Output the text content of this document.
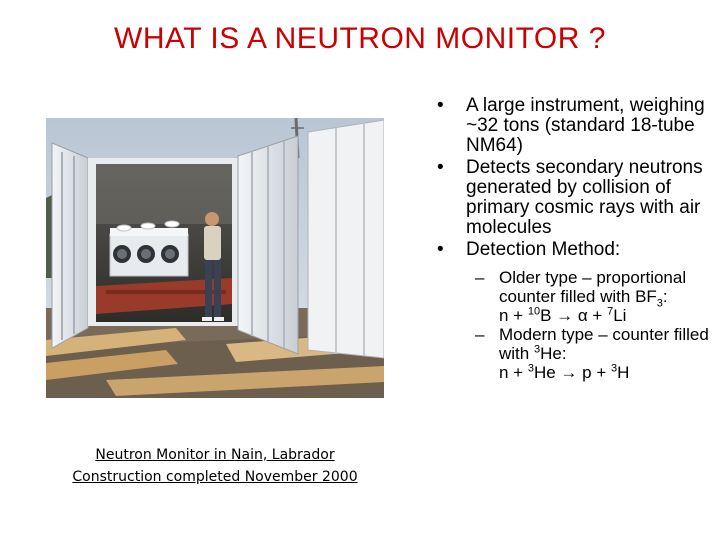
WHAT IS A NEUTRON MONITOR ?
Neutron Monitor in Nain, Labrador
Construction completed November 2000
• A large instrument, weighing ~32 tons (standard 18-tube NM64)
• Detects secondary neutrons generated by collision of primary cosmic rays with air molecules
• Detection Method:
– Older type – proportional counter filled with $BF_3$:
n + $^{10}$B → α + $^7$Li
– Modern type – counter filled with $^3$He:
n + $^3$He → p + $^3$H
